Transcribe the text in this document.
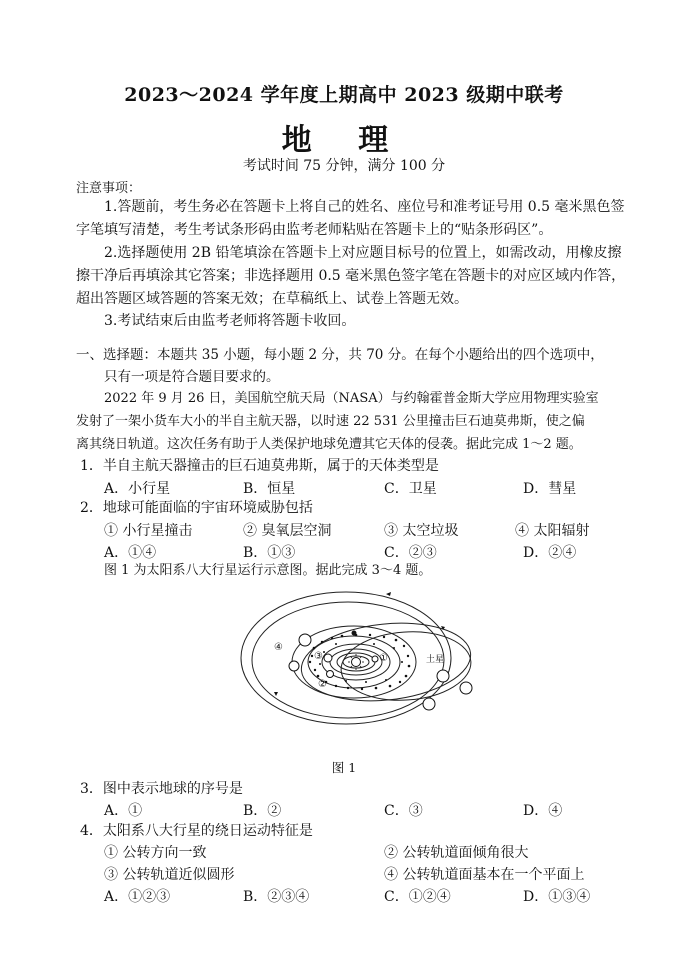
2023～2024 学年度上期高中 2023 级期中联考
地 理
考试时间 75 分钟，满分 100 分
注意事项：
1.答题前，考生务必在答题卡上将自己的姓名、座位号和准考证号用 0.5 毫米黑色签
字笔填写清楚，考生考试条形码由监考老师粘贴在答题卡上的“贴条形码区”。
2.选择题使用 2B 铅笔填涂在答题卡上对应题目标号的位置上，如需改动，用橡皮擦
擦干净后再填涂其它答案；非选择题用 0.5 毫米黑色签字笔在答题卡的对应区域内作答，
超出答题区域答题的答案无效；在草稿纸上、试卷上答题无效。
3.考试结束后由监考老师将答题卡收回。
一、选择题：本题共 35 小题，每小题 2 分，共 70 分。在每个小题给出的四个选项中，
只有一项是符合题目要求的。
2022 年 9 月 26 日，美国航空航天局（NASA）与约翰霍普金斯大学应用物理实验室
发射了一架小货车大小的半自主航天器，以时速 22 531 公里撞击巨石迪莫弗斯，使之偏
离其绕日轨道。这次任务有助于人类保护地球免遭其它天体的侵袭。据此完成 1～2 题。
1．半自主航天器撞击的巨石迪莫弗斯，属于的天体类型是
A．小行星	B．恒星	C．卫星	D．彗星
2．地球可能面临的宇宙环境威胁包括
① 小行星撞击	② 臭氧层空洞	③ 太空垃圾	④ 太阳辐射
A．①④	B．①③	C．②③	D．②④
图 1 为太阳系八大行星运行示意图。据此完成 3～4 题。
①
②
③
④
土星
图 1
3．图中表示地球的序号是
A．①	B．②	C．③	D．④
4．太阳系八大行星的绕日运动特征是
① 公转方向一致	② 公转轨道面倾角很大
③ 公转轨道近似圆形	④ 公转轨道面基本在一个平面上
A．①②③	B．②③④	C．①②④	D．①③④
